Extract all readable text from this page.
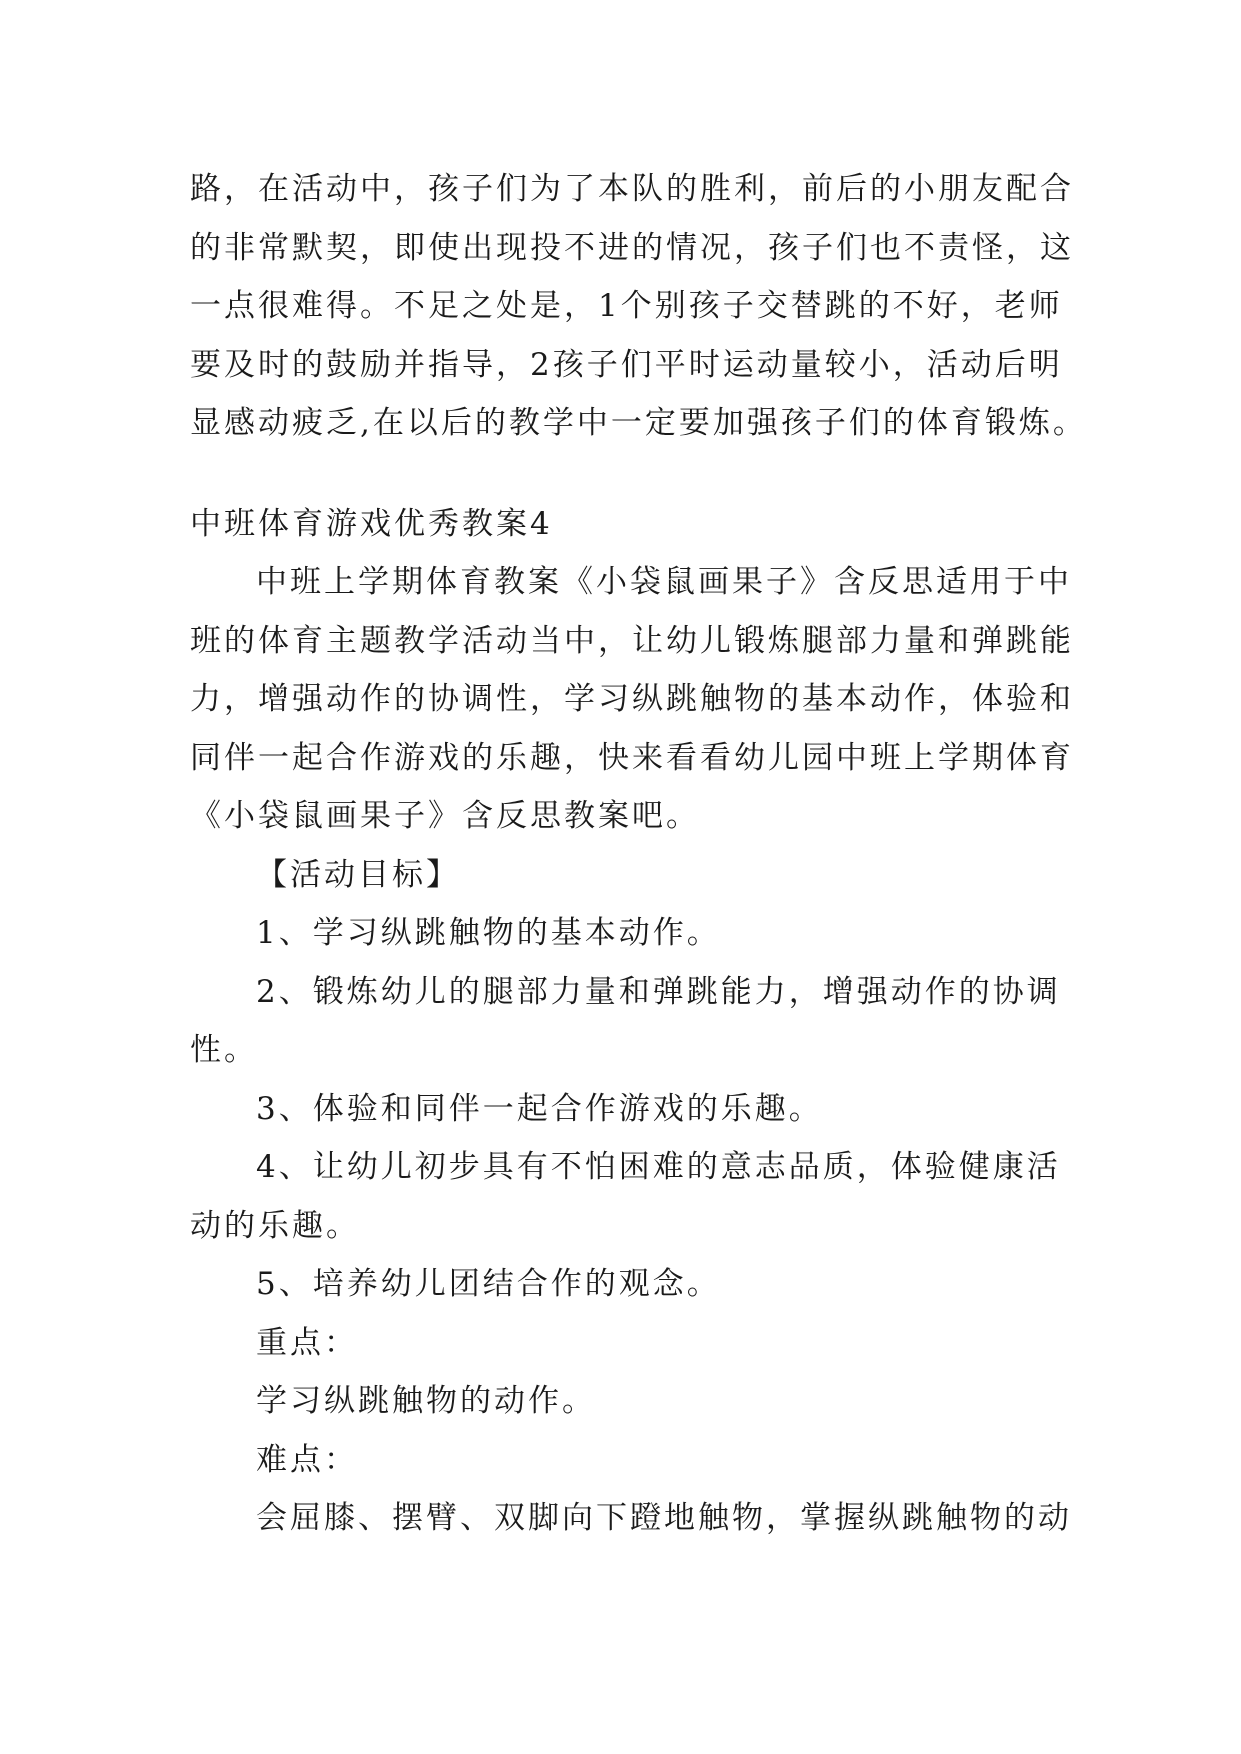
路，在活动中，孩子们为了本队的胜利，前后的小朋友配合
的非常默契，即使出现投不进的情况，孩子们也不责怪，这
一点很难得。不足之处是，1个别孩子交替跳的不好，老师
要及时的鼓励并指导，2孩子们平时运动量较小，活动后明
显感动疲乏,在以后的教学中一定要加强孩子们的体育锻炼。
中班体育游戏优秀教案4
中班上学期体育教案《小袋鼠画果子》含反思适用于中
班的体育主题教学活动当中，让幼儿锻炼腿部力量和弹跳能
力，增强动作的协调性，学习纵跳触物的基本动作，体验和
同伴一起合作游戏的乐趣，快来看看幼儿园中班上学期体育
《小袋鼠画果子》含反思教案吧。
【活动目标】
1、学习纵跳触物的基本动作。
2、锻炼幼儿的腿部力量和弹跳能力，增强动作的协调
性。
3、体验和同伴一起合作游戏的乐趣。
4、让幼儿初步具有不怕困难的意志品质，体验健康活
动的乐趣。
5、培养幼儿团结合作的观念。
重点：
学习纵跳触物的动作。
难点：
会屈膝、摆臂、双脚向下蹬地触物，掌握纵跳触物的动
